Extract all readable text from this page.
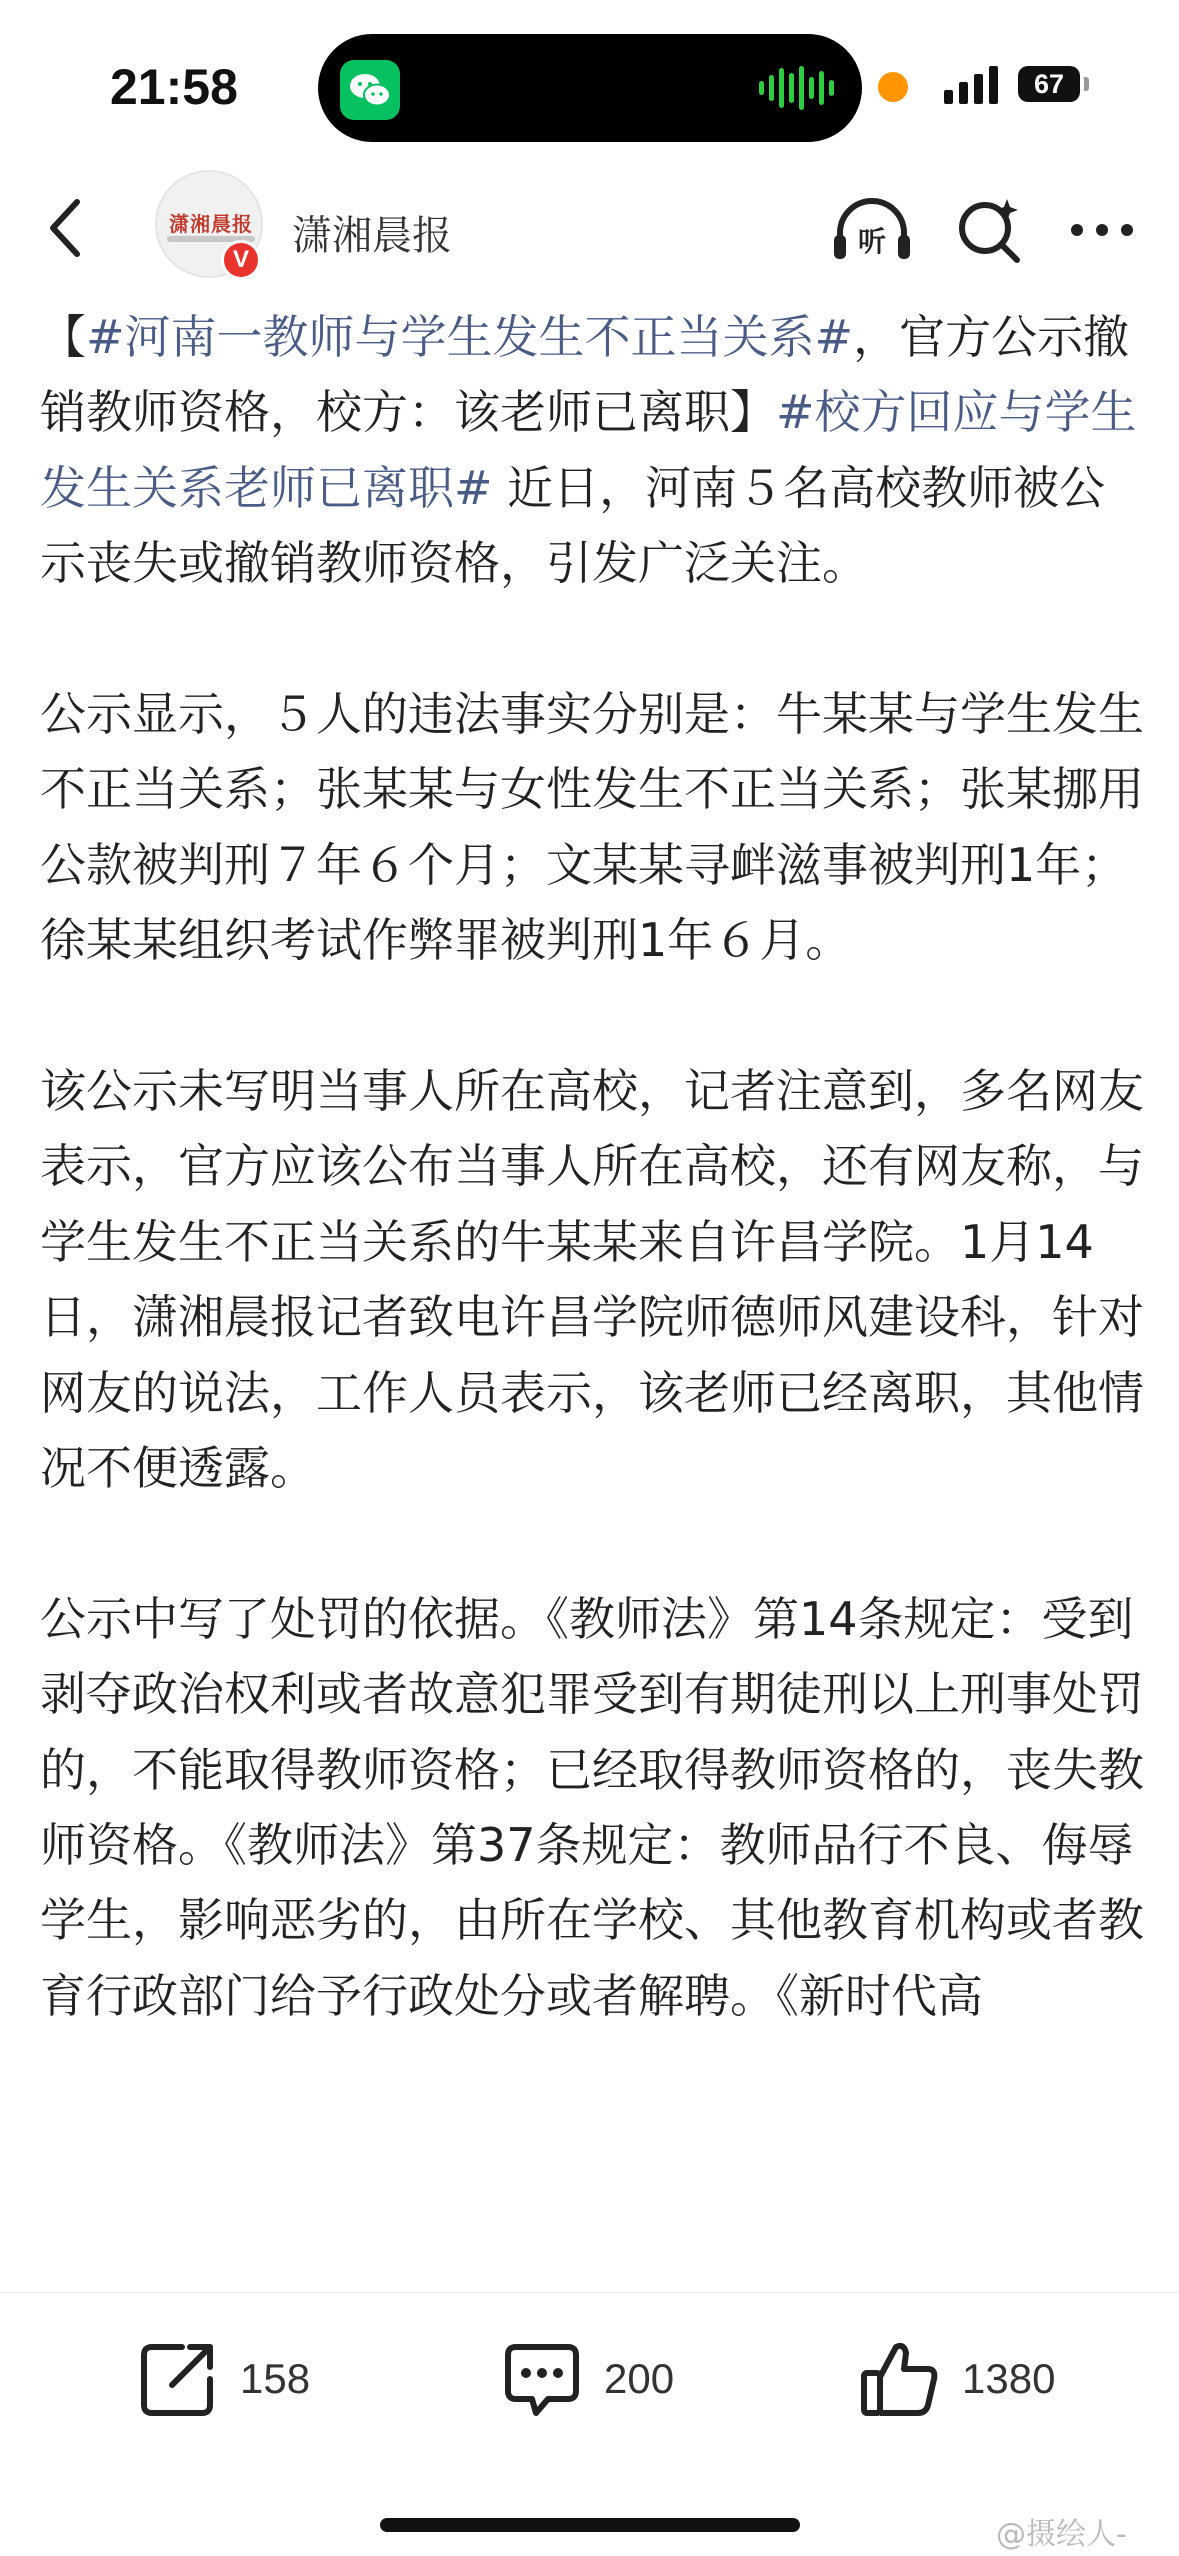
21:58	67
潇湘晨报
V
潇湘晨报	听

【#河南一教师与学生发生不正当关系#，官方公示撤销教师资格，校方：该老师已离职】#校方回应与学生发生关系老师已离职# 近日，河南５名高校教师被公示丧失或撤销教师资格，引发广泛关注。

公示显示，５人的违法事实分别是：牛某某与学生发生不正当关系；张某某与女性发生不正当关系；张某挪用公款被判刑７年６个月；文某某寻衅滋事被判刑1年；徐某某组织考试作弊罪被判刑1年６月。

该公示未写明当事人所在高校，记者注意到，多名网友表示，官方应该公布当事人所在高校，还有网友称，与学生发生不正当关系的牛某某来自许昌学院。1月14日，潇湘晨报记者致电许昌学院师德师风建设科，针对网友的说法，工作人员表示，该老师已经离职，其他情况不便透露。

公示中写了处罚的依据。《教师法》第14条规定：受到剥夺政治权利或者故意犯罪受到有期徒刑以上刑事处罚的，不能取得教师资格；已经取得教师资格的，丧失教师资格。《教师法》第37条规定：教师品行不良、侮辱学生，影响恶劣的，由所在学校、其他教育机构或者教育行政部门给予行政处分或者解聘。《新时代高

158	200	1380
@摄绘人-
